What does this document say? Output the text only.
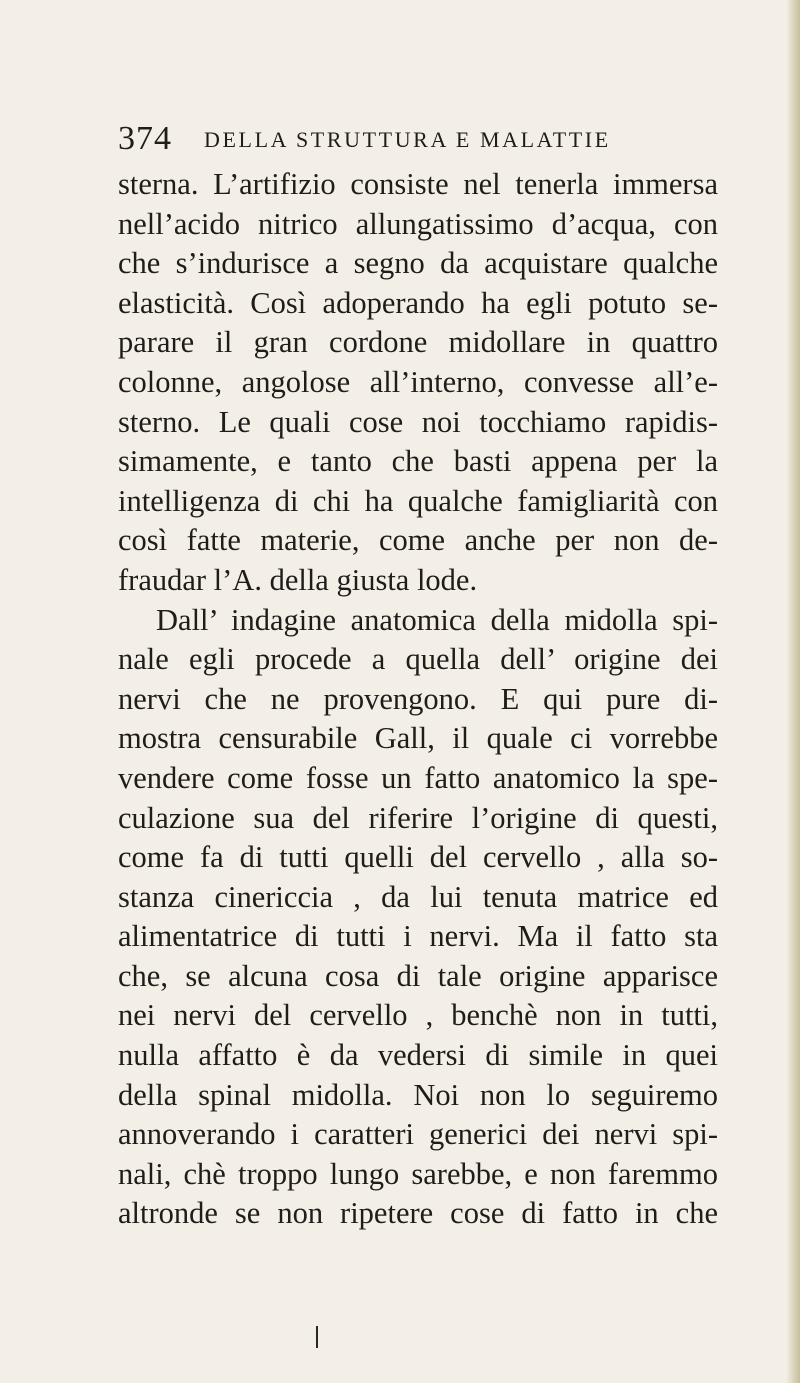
374 DELLA STRUTTURA E MALATTIE
sterna. L’artifizio consiste nel tenerla immersa
nell’acido nitrico allungatissimo d’acqua, con
che s’indurisce a segno da acquistare qualche
elasticità. Così adoperando ha egli potuto se-
parare il gran cordone midollare in quattro
colonne, angolose all’interno, convesse all’e-
sterno. Le quali cose noi tocchiamo rapidis-
simamente, e tanto che basti appena per la
intelligenza di chi ha qualche famigliarità con
così fatte materie, come anche per non de-
fraudar l’A. della giusta lode.
Dall’ indagine anatomica della midolla spi-
nale egli procede a quella dell’ origine dei
nervi che ne provengono. E qui pure di-
mostra censurabile Gall, il quale ci vorrebbe
vendere come fosse un fatto anatomico la spe-
culazione sua del riferire l’origine di questi,
come fa di tutti quelli del cervello , alla so-
stanza cinericcia , da lui tenuta matrice ed
alimentatrice di tutti i nervi. Ma il fatto sta
che, se alcuna cosa di tale origine apparisce
nei nervi del cervello , benchè non in tutti,
nulla affatto è da vedersi di simile in quei
della spinal midolla. Noi non lo seguiremo
annoverando i caratteri generici dei nervi spi-
nali, chè troppo lungo sarebbe, e non faremmo
altronde se non ripetere cose di fatto in che
